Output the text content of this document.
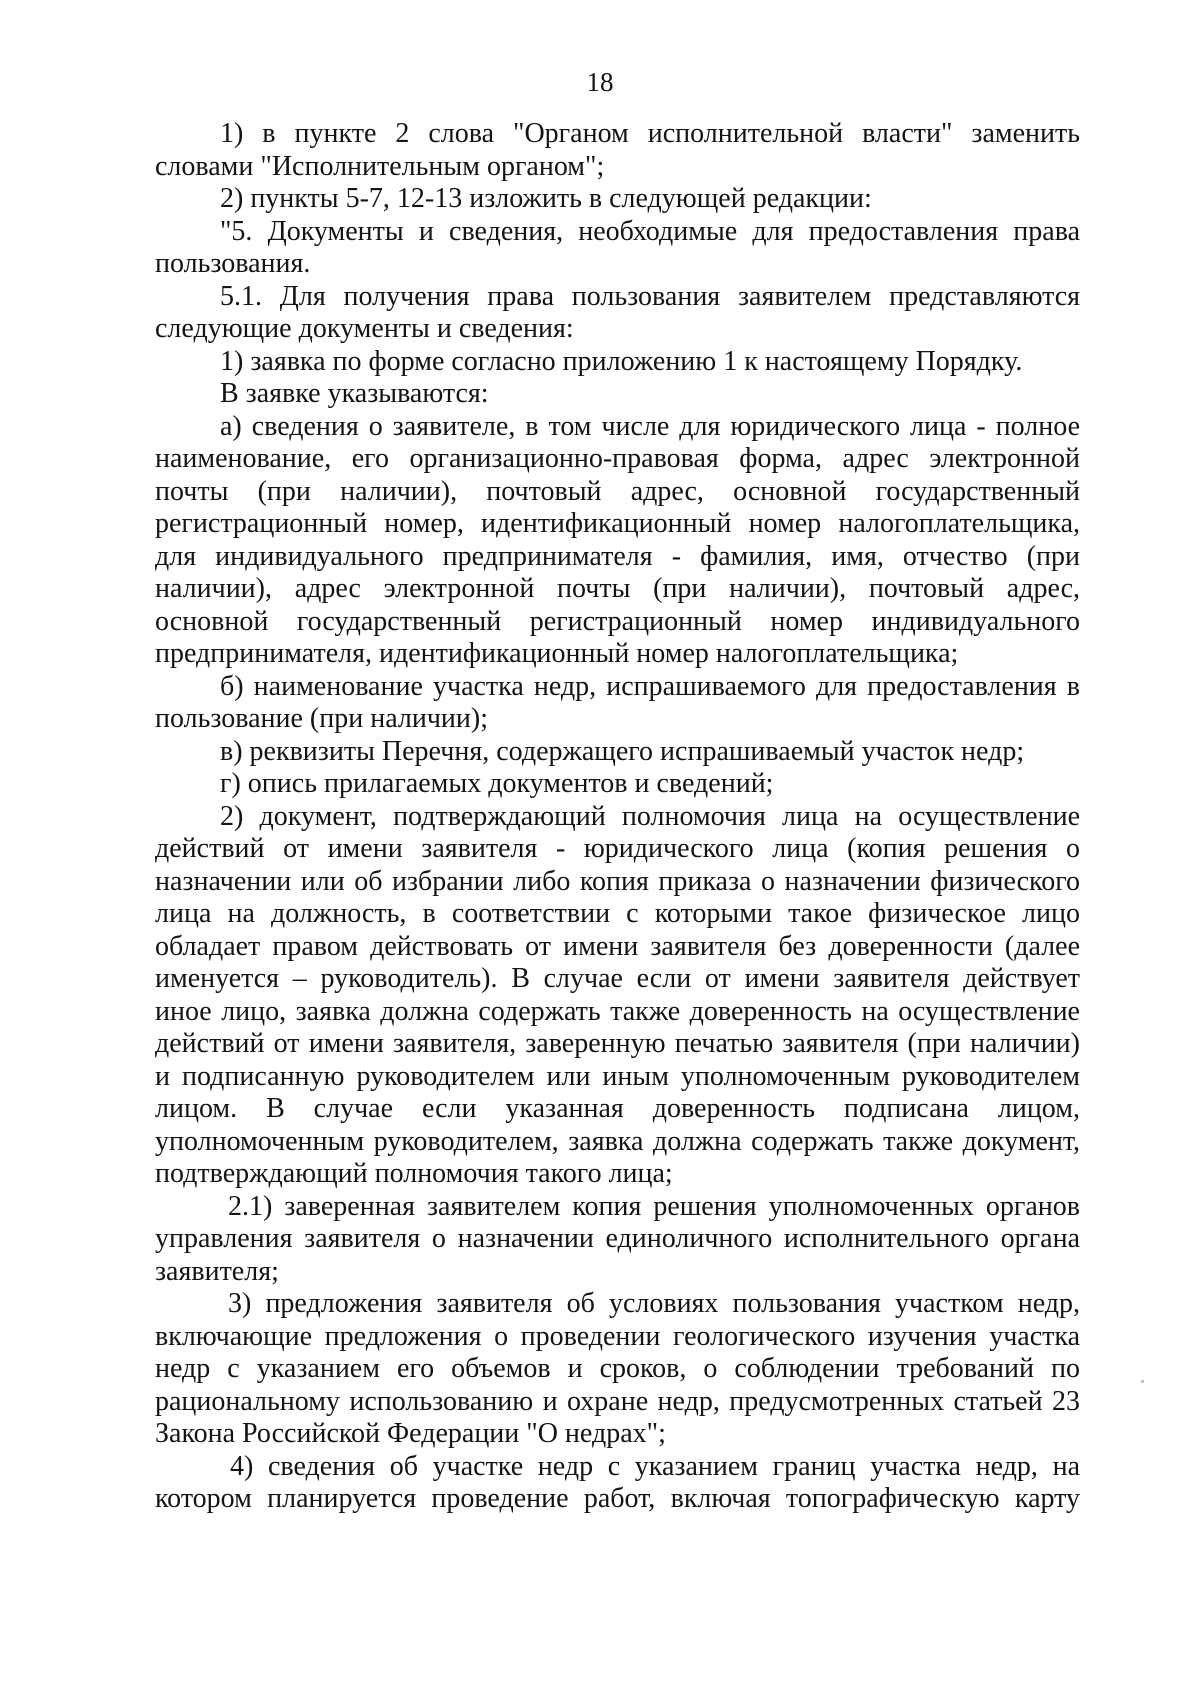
18

1) в пункте 2 слова "Органом исполнительной власти" заменить словами "Исполнительным органом";

2) пункты 5-7, 12-13 изложить в следующей редакции:

"5. Документы и сведения, необходимые для предоставления права пользования.

5.1. Для получения права пользования заявителем представляются следующие документы и сведения:

1) заявка по форме согласно приложению 1 к настоящему Порядку.

В заявке указываются:

а) сведения о заявителе, в том числе для юридического лица - полное наименование, его организационно-правовая форма, адрес электронной почты (при наличии), почтовый адрес, основной государственный регистрационный номер, идентификационный номер налогоплательщика, для индивидуального предпринимателя - фамилия, имя, отчество (при наличии), адрес электронной почты (при наличии), почтовый адрес, основной государственный регистрационный номер индивидуального предпринимателя, идентификационный номер налогоплательщика;

б) наименование участка недр, испрашиваемого для предоставления в пользование (при наличии);

в) реквизиты Перечня, содержащего испрашиваемый участок недр;

г) опись прилагаемых документов и сведений;

2) документ, подтверждающий полномочия лица на осуществление действий от имени заявителя - юридического лица (копия решения о назначении или об избрании либо копия приказа о назначении физического лица на должность, в соответствии с которыми такое физическое лицо обладает правом действовать от имени заявителя без доверенности (далее именуется – руководитель). В случае если от имени заявителя действует иное лицо, заявка должна содержать также доверенность на осуществление действий от имени заявителя, заверенную печатью заявителя (при наличии) и подписанную руководителем или иным уполномоченным руководителем лицом. В случае если указанная доверенность подписана лицом, уполномоченным руководителем, заявка должна содержать также документ, подтверждающий полномочия такого лица;

2.1) заверенная заявителем копия решения уполномоченных органов управления заявителя о назначении единоличного исполнительного органа заявителя;

3) предложения заявителя об условиях пользования участком недр, включающие предложения о проведении геологического изучения участка недр с указанием его объемов и сроков, о соблюдении требований по рациональному использованию и охране недр, предусмотренных статьей 23 Закона Российской Федерации "О недрах";

4) сведения об участке недр с указанием границ участка недр, на котором планируется проведение работ, включая топографическую карту
